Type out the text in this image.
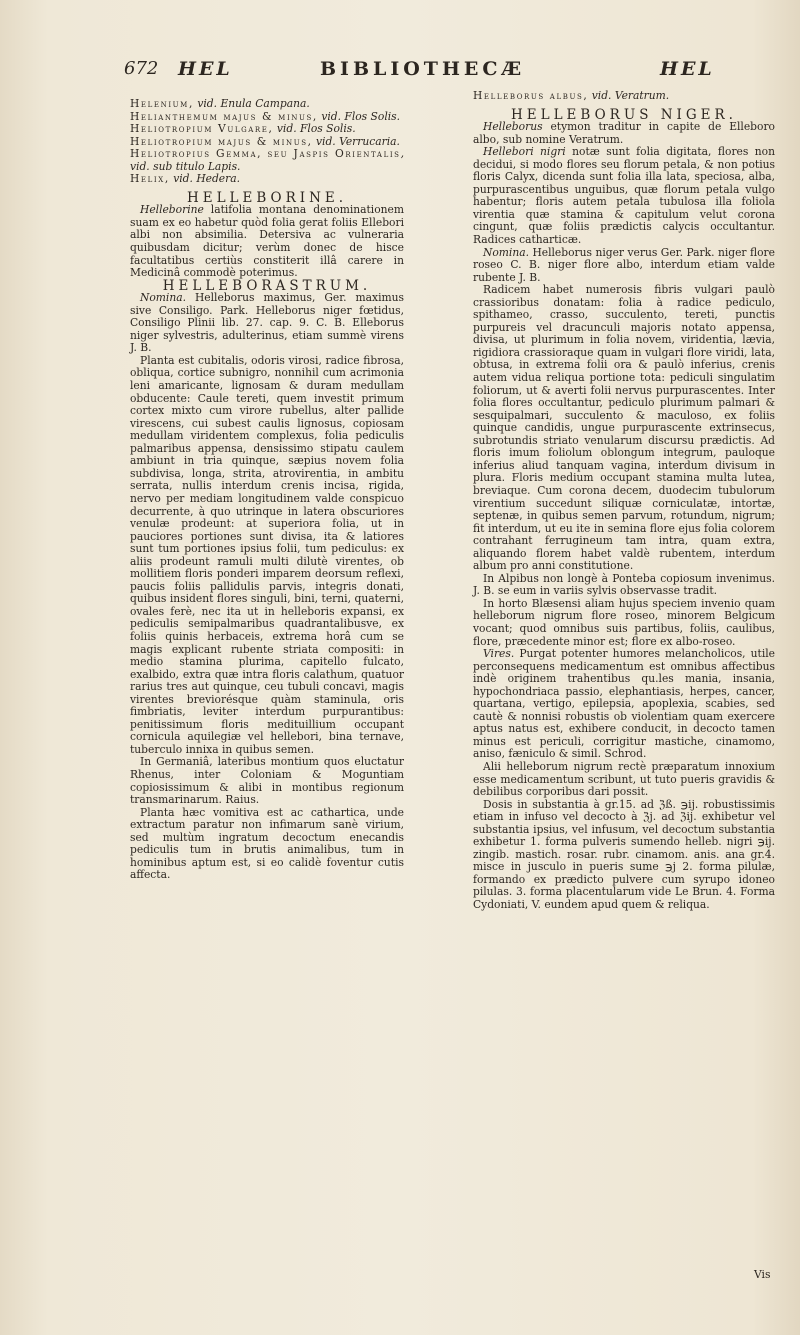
672 HEL	BIBLIOTHECÆ	HEL

Helenium, vid. Enula Campana.

Helianthemum majus & minus, vid. Flos Solis.

Heliotropium Vulgare, vid. Flos Solis.

Heliotropium majus & minus, vid. Verrucaria.

Heliotropius Gemma, seu Jaspis Orientalis, vid. sub titulo Lapis.

Helix, vid. Hedera.

HELLEBORINE.

Helleborine latifolia montana denominationem suam ex eo habetur quòd folia gerat foliis Ellebori albi non absimilia. Detersiva ac vulneraria quibusdam dicitur; verùm donec de hisce facultatibus certiùs constiterit illâ carere in Medicinâ commodè poterimus.

HELLEBORASTRUM.

Nomina. Helleborus maximus, Ger. maximus sive Consiligo. Park. Helleborus niger fœtidus, Consiligo Plinii lib. 27. cap. 9. C. B. Elleborus niger sylvestris, adulterinus, etiam summè virens J. B.

Planta est cubitalis, odoris virosi, radice fibrosa, obliqua, cortice subnigro, nonnihil cum acrimonia leni amaricante, lignosam & duram medullam obducente: Caule tereti, quem investit primum cortex mixto cum virore rubellus, alter pallide virescens, cui subest caulis lignosus, copiosam medullam viridentem complexus, folia pediculis palmaribus appensa, densissimo stipatu caulem ambiunt in tria quinque, sæpius novem folia subdivisa, longa, strita, atrovirentia, in ambitu serrata, nullis interdum crenis incisa, rigida, nervo per mediam longitudinem valde conspicuo decurrente, à quo utrinque in latera obscuriores venulæ prodeunt: at superiora folia, ut in pauciores portiones sunt divisa, ita & latiores sunt tum portiones ipsius folii, tum pediculus: ex aliis prodeunt ramuli multi dilutè virentes, ob mollitiem floris ponderi imparem deorsum reflexi, paucis foliis pallidulis parvis, integris donati, quibus insident flores singuli, bini, terni, quaterni, ovales ferè, nec ita ut in helleboris expansi, ex pediculis semipalmaribus quadrantalibusve, ex foliis quinis herbaceis, extrema horâ cum se magis explicant rubente striata compositi: in medio stamina plurima, capitello fulcato, exalbido, extra quæ intra floris calathum, quatuor rarius tres aut quinque, ceu tubuli concavi, magis virentes breviorésque quàm staminula, oris fimbriatis, leviter interdum purpurantibus: penitissimum floris medituillium occupant cornicula aquilegiæ vel hellebori, bina ternave, tuberculo innixa in quibus semen.

In Germaniâ, lateribus montium quos eluctatur Rhenus, inter Coloniam & Moguntiam copiosissimum & alibi in montibus regionum transmarinarum. Raius.

Planta hæc vomitiva est ac cathartica, unde extractum paratur non infimarum sanè virium, sed multùm ingratum decoctum enecandis pediculis tum in brutis animalibus, tum in hominibus aptum est, si eo calidè foventur cutis affecta.

Helleborus albus, vid. Veratrum.

HELLEBORUS NIGER.

Helleborus etymon traditur in capite de Elleboro albo, sub nomine Veratrum.

Hellebori nigri notæ sunt folia digitata, flores non decidui, si modo flores seu florum petala, & non potius floris Calyx, dicenda sunt folia illa lata, speciosa, alba, purpurascentibus unguibus, quæ florum petala vulgo habentur; floris autem petala tubulosa illa foliola virentia quæ stamina & capitulum velut corona cingunt, quæ foliis prædictis calycis occultantur. Radices catharticæ.

Nomina. Helleborus niger verus Ger. Park. niger flore roseo C. B. niger flore albo, interdum etiam valde rubente J. B.

Radicem habet numerosis fibris vulgari paulò crassioribus donatam: folia à radice pediculo, spithameo, crasso, succulento, tereti, punctis purpureis vel dracunculi majoris notato appensa, divisa, ut plurimum in folia novem, viridentia, lævia, rigidiora crassioraque quam in vulgari flore viridi, lata, obtusa, in extrema folii ora & paulò inferius, crenis autem vidua reliqua portione tota: pediculi singulatim foliorum, ut & averti folii nervus purpurascentes. Inter folia flores occultantur, pediculo plurimum palmari & sesquipalmari, succulento & maculoso, ex foliis quinque candidis, ungue purpurascente extrinsecus, subrotundis striato venularum discursu prædictis. Ad floris imum foliolum oblongum integrum, pauloque inferius aliud tanquam vagina, interdum divisum in plura. Floris medium occupant stamina multa lutea, breviaque. Cum corona decem, duodecim tubulorum virentium succedunt siliquæ corniculatæ, intortæ, septenæ, in quibus semen parvum, rotundum, nigrum; fit interdum, ut eu ite in semina flore ejus folia colorem contrahant ferrugineum tam intra, quam extra, aliquando florem habet valdè rubentem, interdum album pro anni constitutione.

In Alpibus non longè à Ponteba copiosum invenimus. J. B. se eum in variis sylvis observasse tradit.

In horto Blæsensi aliam hujus speciem invenio quam helleborum nigrum flore roseo, minorem Belgicum vocant; quod omnibus suis partibus, foliis, caulibus, flore, præcedente minor est; flore ex albo-roseo.

Vires. Purgat potenter humores melancholicos, utile perconsequens medicamentum est omnibus affectibus indè originem trahentibus qu.les mania, insania, hypochondriaca passio, elephantiasis, herpes, cancer, quartana, vertigo, epilepsia, apoplexia, scabies, sed cautè & nonnisi robustis ob violentiam quam exercere aptus natus est, exhibere conducit, in decocto tamen minus est periculi, corrigitur mastiche, cinamomo, aniso, fæniculo & simil. Schrod.

Alii helleborum nigrum rectè præparatum innoxium esse medicamentum scribunt, ut tuto pueris gravidis & debilibus corporibus dari possit.

Dosis in substantia à gr.15. ad ℨß. ℈ij. robustissimis etiam in infuso vel decocto à ℨj. ad ℨij. exhibetur vel substantia ipsius, vel infusum, vel decoctum substantia exhibetur 1. forma pulveris sumendo helleb. nigri ℈ij. zingib. mastich. rosar. rubr. cinamom. anis. ana gr.4. misce in jusculo in pueris sume ℈j 2. forma pilulæ, formando ex prædicto pulvere cum syrupo idoneo pilulas. 3. forma placentularum vide Le Brun. 4. Forma Cydoniati, V. eundem apud quem & reliqua.

Vis
